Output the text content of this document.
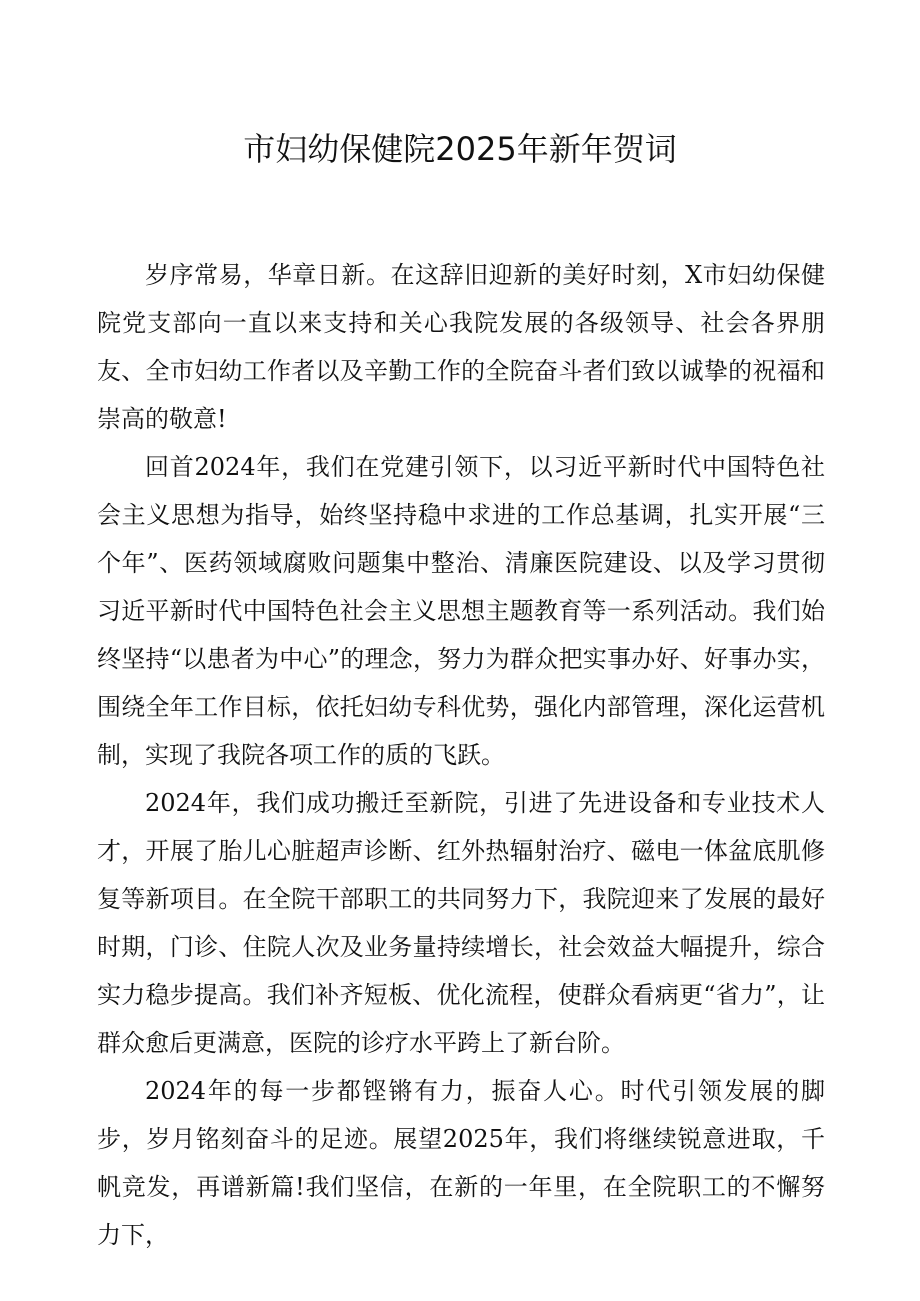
市妇幼保健院2025年新年贺词

岁序常易，华章日新。在这辞旧迎新的美好时刻，X市妇幼保健院党支部向一直以来支持和关心我院发展的各级领导、社会各界朋友、全市妇幼工作者以及辛勤工作的全院奋斗者们致以诚挚的祝福和崇高的敬意!

回首2024年，我们在党建引领下，以习近平新时代中国特色社会主义思想为指导，始终坚持稳中求进的工作总基调，扎实开展“三个年”、医药领域腐败问题集中整治、清廉医院建设、以及学习贯彻习近平新时代中国特色社会主义思想主题教育等一系列活动。我们始终坚持“以患者为中心”的理念，努力为群众把实事办好、好事办实，围绕全年工作目标，依托妇幼专科优势，强化内部管理，深化运营机制，实现了我院各项工作的质的飞跃。

2024年，我们成功搬迁至新院，引进了先进设备和专业技术人才，开展了胎儿心脏超声诊断、红外热辐射治疗、磁电一体盆底肌修复等新项目。在全院干部职工的共同努力下，我院迎来了发展的最好时期，门诊、住院人次及业务量持续增长，社会效益大幅提升，综合实力稳步提高。我们补齐短板、优化流程，使群众看病更“省力”，让群众愈后更满意，医院的诊疗水平跨上了新台阶。

2024年的每一步都铿锵有力，振奋人心。时代引领发展的脚步，岁月铭刻奋斗的足迹。展望2025年，我们将继续锐意进取，千帆竞发，再谱新篇!我们坚信，在新的一年里，在全院职工的不懈努力下，
